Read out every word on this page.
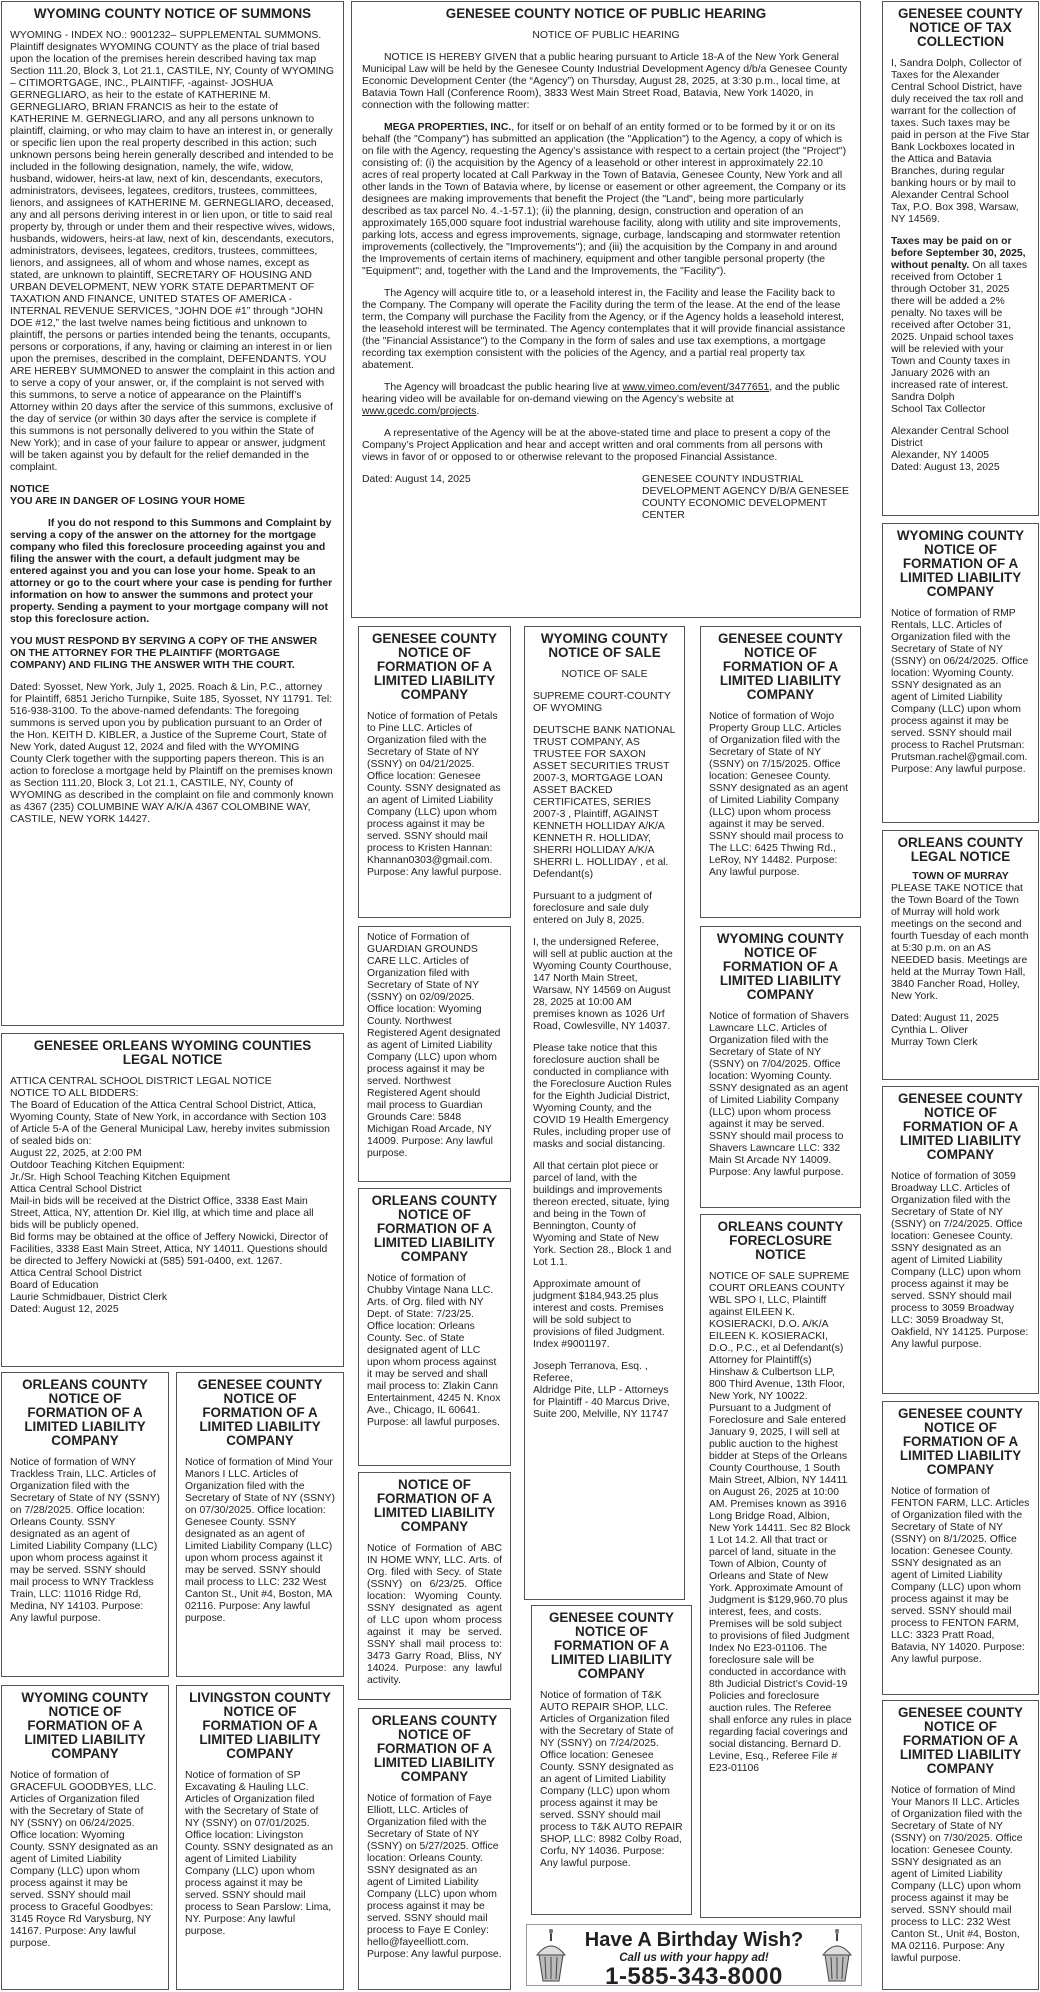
WYOMING COUNTY NOTICE OF SUMMONS

WYOMING - INDEX NO.: 9001232– SUPPLEMENTAL SUMMONS. Plaintiff designates WYOMING COUNTY as the place of trial based upon the location of the premises herein described having tax map Section 111.20, Block 3, Lot 21.1, CASTILE, NY, County of WYOMING – CITIMORTGAGE, INC., PLAINTIFF, -against- JOSHUA GERNEGLIARO, as heir to the estate of KATHERINE M. GERNEGLIARO, BRIAN FRANCIS as heir to the estate of KATHERINE M. GERNEGLIARO, and any all persons unknown to plaintiff, claiming, or who may claim to have an interest in, or generally or specific lien upon the real property described in this action; such unknown persons being herein generally described and intended to be included in the following designation, namely, the wife, widow, husband, widower, heirs-at law, next of kin, descendants, executors, administrators, devisees, legatees, creditors, trustees, committees, lienors, and assignees of KATHERINE M. GERNEGLIARO, deceased, any and all persons deriving interest in or lien upon, or title to said real property by, through or under them and their respective wives, widows, husbands, widowers, heirs-at law, next of kin, descendants, executors, administrators, devisees, legatees, creditors, trustees, committees, lienors, and assignees, all of whom and whose names, except as stated, are unknown to plaintiff, SECRETARY OF HOUSING AND URBAN DEVELOPMENT, NEW YORK STATE DEPARTMENT OF TAXATION AND FINANCE, UNITED STATES OF AMERICA - INTERNAL REVENUE SERVICES, “JOHN DOE #1” through “JOHN DOE #12,” the last twelve names being fictitious and unknown to plaintiff, the persons or parties intended being the tenants, occupants, persons or corporations, if any, having or claiming an interest in or lien upon the premises, described in the complaint, DEFENDANTS. YOU ARE HEREBY SUMMONED to answer the complaint in this action and to serve a copy of your answer, or, if the complaint is not served with this summons, to serve a notice of appearance on the Plaintiff’s Attorney within 20 days after the service of this summons, exclusive of the day of service (or within 30 days after the service is complete if this summons is not personally delivered to you within the State of New York); and in case of your failure to appear or answer, judgment will be taken against you by default for the relief demanded in the complaint.

NOTICE
YOU ARE IN DANGER OF LOSING YOUR HOME

If you do not respond to this Summons and Complaint by serving a copy of the answer on the attorney for the mortgage company who filed this foreclosure proceeding against you and filing the answer with the court, a default judgment may be entered against you and you can lose your home. Speak to an attorney or go to the court where your case is pending for further information on how to answer the summons and protect your property. Sending a payment to your mortgage company will not stop this foreclosure action.

YOU MUST RESPOND BY SERVING A COPY OF THE ANSWER ON THE ATTORNEY FOR THE PLAINTIFF (MORTGAGE COMPANY) AND FILING THE ANSWER WITH THE COURT.

Dated: Syosset, New York, July 1, 2025. Roach & Lin, P.C., attorney for Plaintiff, 6851 Jericho Turnpike, Suite 185, Syosset, NY 11791. Tel: 516-938-3100. To the above-named defendants: The foregoing summons is served upon you by publication pursuant to an Order of the Hon. KEITH D. KIBLER, a Justice of the Supreme Court, State of New York, dated August 12, 2024 and filed with the WYOMING County Clerk together with the supporting papers thereon. This is an action to foreclose a mortgage held by Plaintiff on the premises known as Section 111.20, Block 3, Lot 21.1, CASTILE, NY, County of WYOMING as described in the complaint on file and commonly known as 4367 (235) COLUMBINE WAY A/K/A 4367 COLOMBINE WAY, CASTILE, NEW YORK 14427.

GENESEE ORLEANS WYOMING COUNTIES LEGAL NOTICE

ATTICA CENTRAL SCHOOL DISTRICT LEGAL NOTICE
NOTICE TO ALL BIDDERS:
The Board of Education of the Attica Central School District, Attica, Wyoming County, State of New York, in accordance with Section 103 of Article 5-A of the General Municipal Law, hereby invites submission of sealed bids on:
August 22, 2025, at 2:00 PM
Outdoor Teaching Kitchen Equipment:
Jr./Sr. High School Teaching Kitchen Equipment
Attica Central School District
Mail-in bids will be received at the District Office, 3338 East Main Street, Attica, NY, attention Dr. Kiel Illg, at which time and place all bids will be publicly opened.
Bid forms may be obtained at the office of Jeffery Nowicki, Director of Facilities, 3338 East Main Street, Attica, NY 14011. Questions should be directed to Jeffery Nowicki at (585) 591-0400, ext. 1267.
Attica Central School District
Board of Education
Laurie Schmidbauer, District Clerk
Dated: August 12, 2025

ORLEANS COUNTY NOTICE OF FORMATION OF A LIMITED LIABILITY COMPANY

Notice of formation of WNY Trackless Train, LLC. Articles of Organization filed with the Secretary of State of NY (SSNY) on 7/28/2025. Office location: Orleans County. SSNY designated as an agent of Limited Liability Company (LLC) upon whom process against it may be served. SSNY should mail process to WNY Trackless Train, LLC: 11016 Ridge Rd, Medina, NY 14103. Purpose: Any lawful purpose.

GENESEE COUNTY NOTICE OF FORMATION OF A LIMITED LIABILITY COMPANY

Notice of formation of Mind Your Manors I LLC. Articles of Organization filed with the Secretary of State of NY (SSNY) on 07/30/2025. Office location: Genesee County. SSNY designated as an agent of Limited Liability Company (LLC) upon whom process against it may be served. SSNY should mail process to LLC: 232 West Canton St., Unit #4, Boston, MA 02116. Purpose: Any lawful purpose.

WYOMING COUNTY NOTICE OF FORMATION OF A LIMITED LIABILITY COMPANY

Notice of formation of GRACEFUL GOODBYES, LLC. Articles of Organization filed with the Secretary of State of NY (SSNY) on 06/24/2025. Office location: Wyoming County. SSNY designated as an agent of Limited Liability Company (LLC) upon whom process against it may be served. SSNY should mail process to Graceful Goodbyes: 3145 Royce Rd Varysburg, NY 14167. Purpose: Any lawful purpose.

LIVINGSTON COUNTY NOTICE OF FORMATION OF A LIMITED LIABILITY COMPANY

Notice of formation of SP Excavating & Hauling LLC. Articles of Organization filed with the Secretary of State of NY (SSNY) on 07/01/2025. Office location: Livingston County. SSNY designated as an agent of Limited Liability Company (LLC) upon whom process against it may be served. SSNY should mail process to Sean Parslow: Lima, NY. Purpose: Any lawful purpose.

GENESEE COUNTY NOTICE OF PUBLIC HEARING

NOTICE OF PUBLIC HEARING

NOTICE IS HEREBY GIVEN that a public hearing pursuant to Article 18-A of the New York General Municipal Law will be held by the Genesee County Industrial Development Agency d/b/a Genesee County Economic Development Center (the “Agency”) on Thursday, August 28, 2025, at 3:30 p.m., local time, at Batavia Town Hall (Conference Room), 3833 West Main Street Road, Batavia, New York 14020, in connection with the following matter:

MEGA PROPERTIES, INC., for itself or on behalf of an entity formed or to be formed by it or on its behalf (the "Company") has submitted an application (the "Application") to the Agency, a copy of which is on file with the Agency, requesting the Agency’s assistance with respect to a certain project (the "Project") consisting of: (i) the acquisition by the Agency of a leasehold or other interest in approximately 22.10 acres of real property located at Call Parkway in the Town of Batavia, Genesee County, New York and all other lands in the Town of Batavia where, by license or easement or other agreement, the Company or its designees are making improvements that benefit the Project (the "Land", being more particularly described as tax parcel No. 4.-1-57.1); (ii) the planning, design, construction and operation of an approximately 165,000 square foot industrial warehouse facility, along with utility and site improvements, parking lots, access and egress improvements, signage, curbage, landscaping and stormwater retention improvements (collectively, the "Improvements"); and (iii) the acquisition by the Company in and around the Improvements of certain items of machinery, equipment and other tangible personal property (the "Equipment"; and, together with the Land and the Improvements, the "Facility").

The Agency will acquire title to, or a leasehold interest in, the Facility and lease the Facility back to the Company. The Company will operate the Facility during the term of the lease. At the end of the lease term, the Company will purchase the Facility from the Agency, or if the Agency holds a leasehold interest, the leasehold interest will be terminated. The Agency contemplates that it will provide financial assistance (the "Financial Assistance") to the Company in the form of sales and use tax exemptions, a mortgage recording tax exemption consistent with the policies of the Agency, and a partial real property tax abatement.

The Agency will broadcast the public hearing live at www.vimeo.com/event/3477651, and the public hearing video will be available for on-demand viewing on the Agency’s website at www.gcedc.com/projects.

A representative of the Agency will be at the above-stated time and place to present a copy of the Company’s Project Application and hear and accept written and oral comments from all persons with views in favor of or opposed to or otherwise relevant to the proposed Financial Assistance.

Dated: August 14, 2025	GENESEE COUNTY INDUSTRIAL DEVELOPMENT AGENCY D/B/A GENESEE COUNTY ECONOMIC DEVELOPMENT CENTER
GENESEE COUNTY NOTICE OF FORMATION OF A LIMITED LIABILITY COMPANY

Notice of formation of Petals to Pine LLC. Articles of Organization filed with the Secretary of State of NY (SSNY) on 04/21/2025. Office location: Genesee County. SSNY designated as an agent of Limited Liability Company (LLC) upon whom process against it may be served. SSNY should mail process to Kristen Hannan: Khannan0303@gmail.com. Purpose: Any lawful purpose.

Notice of Formation of GUARDIAN GROUNDS CARE LLC. Articles of Organization filed with Secretary of State of NY (SSNY) on 02/09/2025. Office location: Wyoming County. Northwest Registered Agent designated as agent of Limited Liability Company (LLC) upon whom process against it may be served. Northwest Registered Agent should mail process to Guardian Grounds Care: 5848 Michigan Road Arcade, NY 14009. Purpose: Any lawful purpose.

ORLEANS COUNTY NOTICE OF FORMATION OF A LIMITED LIABILITY COMPANY

Notice of formation of Chubby Vintage Nana LLC. Arts. of Org. filed with NY Dept. of State: 7/23/25. Office location: Orleans County. Sec. of State designated agent of LLC upon whom process against it may be served and shall mail process to: Zlakin Cann Entertainment, 4245 N. Knox Ave., Chicago, IL 60641. Purpose: all lawful purposes.

NOTICE OF FORMATION OF A LIMITED LIABILITY COMPANY

Notice of Formation of ABC IN HOME WNY, LLC. Arts. of Org. filed with Secy. of State (SSNY) on 6/23/25. Office location: Wyoming County. SSNY designated as agent of LLC upon whom process against it may be served. SSNY shall mail process to: 3473 Garry Road, Bliss, NY 14024. Purpose: any lawful activity.

ORLEANS COUNTY NOTICE OF FORMATION OF A LIMITED LIABILITY COMPANY

Notice of formation of Faye Elliott, LLC. Articles of Organization filed with the Secretary of State of NY (SSNY) on 5/27/2025. Office location: Orleans County. SSNY designated as an agent of Limited Liability Company (LLC) upon whom process against it may be served. SSNY should mail process to Faye E Conley: hello@fayeelliott.com. Purpose: Any lawful purpose.

WYOMING COUNTY NOTICE OF SALE

NOTICE OF SALE

SUPREME COURT-COUNTY OF WYOMING

DEUTSCHE BANK NATIONAL TRUST COMPANY, AS TRUSTEE FOR SAXON ASSET SECURITIES TRUST 2007-3, MORTGAGE LOAN ASSET BACKED CERTIFICATES, SERIES 2007-3 , Plaintiff, AGAINST KENNETH HOLLIDAY A/K/A KENNETH R. HOLLIDAY, SHERRI HOLLIDAY A/K/A SHERRI L. HOLLIDAY , et al. Defendant(s)

Pursuant to a judgment of foreclosure and sale duly entered on July 8, 2025.

I, the undersigned Referee, will sell at public auction at the Wyoming County Courthouse, 147 North Main Street, Warsaw, NY 14569 on August 28, 2025 at 10:00 AM premises known as 1026 Urf Road, Cowlesville, NY 14037.

Please take notice that this foreclosure auction shall be conducted in compliance with the Foreclosure Auction Rules for the Eighth Judicial District, Wyoming County, and the COVID 19 Health Emergency Rules, including proper use of masks and social distancing.

All that certain plot piece or parcel of land, with the buildings and improvements thereon erected, situate, lying and being in the Town of Bennington, County of Wyoming and State of New York. Section 28., Block 1 and Lot 1.1.

Approximate amount of judgment $184,943.25 plus interest and costs. Premises will be sold subject to provisions of filed Judgment. Index #9001197.

Joseph Terranova, Esq. , Referee,
Aldridge Pite, LLP - Attorneys for Plaintiff - 40 Marcus Drive, Suite 200, Melville, NY 11747

GENESEE COUNTY NOTICE OF FORMATION OF A LIMITED LIABILITY COMPANY

Notice of formation of T&K AUTO REPAIR SHOP, LLC. Articles of Organization filed with the Secretary of State of NY (SSNY) on 7/24/2025. Office location: Genesee County. SSNY designated as an agent of Limited Liability Company (LLC) upon whom process against it may be served. SSNY should mail process to T&K AUTO REPAIR SHOP, LLC: 8982 Colby Road, Corfu, NY 14036. Purpose: Any lawful purpose.

GENESEE COUNTY NOTICE OF FORMATION OF A LIMITED LIABILITY COMPANY

Notice of formation of Wojo Property Group LLC. Articles of Organization filed with the Secretary of State of NY (SSNY) on 7/15/2025. Office location: Genesee County. SSNY designated as an agent of Limited Liability Company (LLC) upon whom process against it may be served. SSNY should mail process to The LLC: 6425 Thwing Rd., LeRoy, NY 14482. Purpose: Any lawful purpose.

WYOMING COUNTY NOTICE OF FORMATION OF A LIMITED LIABILITY COMPANY

Notice of formation of Shavers Lawncare LLC. Articles of Organization filed with the Secretary of State of NY (SSNY) on 7/04/2025. Office location: Wyoming County. SSNY designated as an agent of Limited Liability Company (LLC) upon whom process against it may be served. SSNY should mail process to Shavers Lawncare LLC: 332 Main St Arcade NY 14009. Purpose: Any lawful purpose.

ORLEANS COUNTY FORECLOSURE NOTICE

NOTICE OF SALE SUPREME COURT ORLEANS COUNTY WBL SPO I, LLC, Plaintiff against EILEEN K. KOSIERACKI, D.O. A/K/A EILEEN K. KOSIERACKI, D.O., P.C., et al Defendant(s) Attorney for Plaintiff(s) Hinshaw & Culbertson LLP, 800 Third Avenue, 13th Floor, New York, NY 10022. Pursuant to a Judgment of Foreclosure and Sale entered January 9, 2025, I will sell at public auction to the highest bidder at Steps of the Orleans County Courthouse, 1 South Main Street, Albion, NY 14411 on August 26, 2025 at 10:00 AM. Premises known as 3916 Long Bridge Road, Albion, New York 14411. Sec 82 Block 1 Lot 14.2. All that tract or parcel of land, situate in the Town of Albion, County of Orleans and State of New York. Approximate Amount of Judgment is $129,960.70 plus interest, fees, and costs. Premises will be sold subject to provisions of filed Judgment Index No E23-01106. The foreclosure sale will be conducted in accordance with 8th Judicial District’s Covid-19 Policies and foreclosure auction rules. The Referee shall enforce any rules in place regarding facial coverings and social distancing. Bernard D. Levine, Esq., Referee File # E23-01106

Have A Birthday Wish?
Call us with your happy ad!
1-585-343-8000
GENESEE COUNTY NOTICE OF TAX COLLECTION

I, Sandra Dolph, Collector of Taxes for the Alexander Central School District, have duly received the tax roll and warrant for the collection of taxes. Such taxes may be paid in person at the Five Star Bank Lockboxes located in the Attica and Batavia Branches, during regular banking hours or by mail to Alexander Central School Tax, P.O. Box 398, Warsaw, NY 14569.

Taxes may be paid on or before September 30, 2025, without penalty. On all taxes received from October 1 through October 31, 2025 there will be added a 2% penalty. No taxes will be received after October 31, 2025. Unpaid school taxes will be relevied with your Town and County taxes in January 2026 with an increased rate of interest.
Sandra Dolph
School Tax Collector

Alexander Central School District
Alexander, NY 14005
Dated: August 13, 2025

WYOMING COUNTY NOTICE OF FORMATION OF A LIMITED LIABILITY COMPANY

Notice of formation of RMP Rentals, LLC. Articles of Organization filed with the Secretary of State of NY (SSNY) on 06/24/2025. Office location: Wyoming County. SSNY designated as an agent of Limited Liability Company (LLC) upon whom process against it may be served. SSNY should mail process to Rachel Prutsman: Prutsman.rachel@gmail.com. Purpose: Any lawful purpose.

ORLEANS COUNTY LEGAL NOTICE

TOWN OF MURRAY

PLEASE TAKE NOTICE that the Town Board of the Town of Murray will hold work meetings on the second and fourth Tuesday of each month at 5:30 p.m. on an AS NEEDED basis. Meetings are held at the Murray Town Hall, 3840 Fancher Road, Holley, New York.

Dated: August 11, 2025
Cynthia L. Oliver
Murray Town Clerk

GENESEE COUNTY NOTICE OF FORMATION OF A LIMITED LIABILITY COMPANY

Notice of formation of 3059 Broadway LLC. Articles of Organization filed with the Secretary of State of NY (SSNY) on 7/24/2025. Office location: Genesee County. SSNY designated as an agent of Limited Liability Company (LLC) upon whom process against it may be served. SSNY should mail process to 3059 Broadway LLC: 3059 Broadway St, Oakfield, NY 14125. Purpose: Any lawful purpose.

GENESEE COUNTY NOTICE OF FORMATION OF A LIMITED LIABILITY COMPANY

Notice of formation of FENTON FARM, LLC. Articles of Organization filed with the Secretary of State of NY (SSNY) on 8/1/2025. Office location: Genesee County. SSNY designated as an agent of Limited Liability Company (LLC) upon whom process against it may be served. SSNY should mail process to FENTON FARM, LLC: 3323 Pratt Road, Batavia, NY 14020. Purpose: Any lawful purpose.

GENESEE COUNTY NOTICE OF FORMATION OF A LIMITED LIABILITY COMPANY

Notice of formation of Mind Your Manors II LLC. Articles of Organization filed with the Secretary of State of NY (SSNY) on 7/30/2025. Office location: Genesee County. SSNY designated as an agent of Limited Liability Company (LLC) upon whom process against it may be served. SSNY should mail process to LLC: 232 West Canton St., Unit #4, Boston, MA 02116. Purpose: Any lawful purpose.
